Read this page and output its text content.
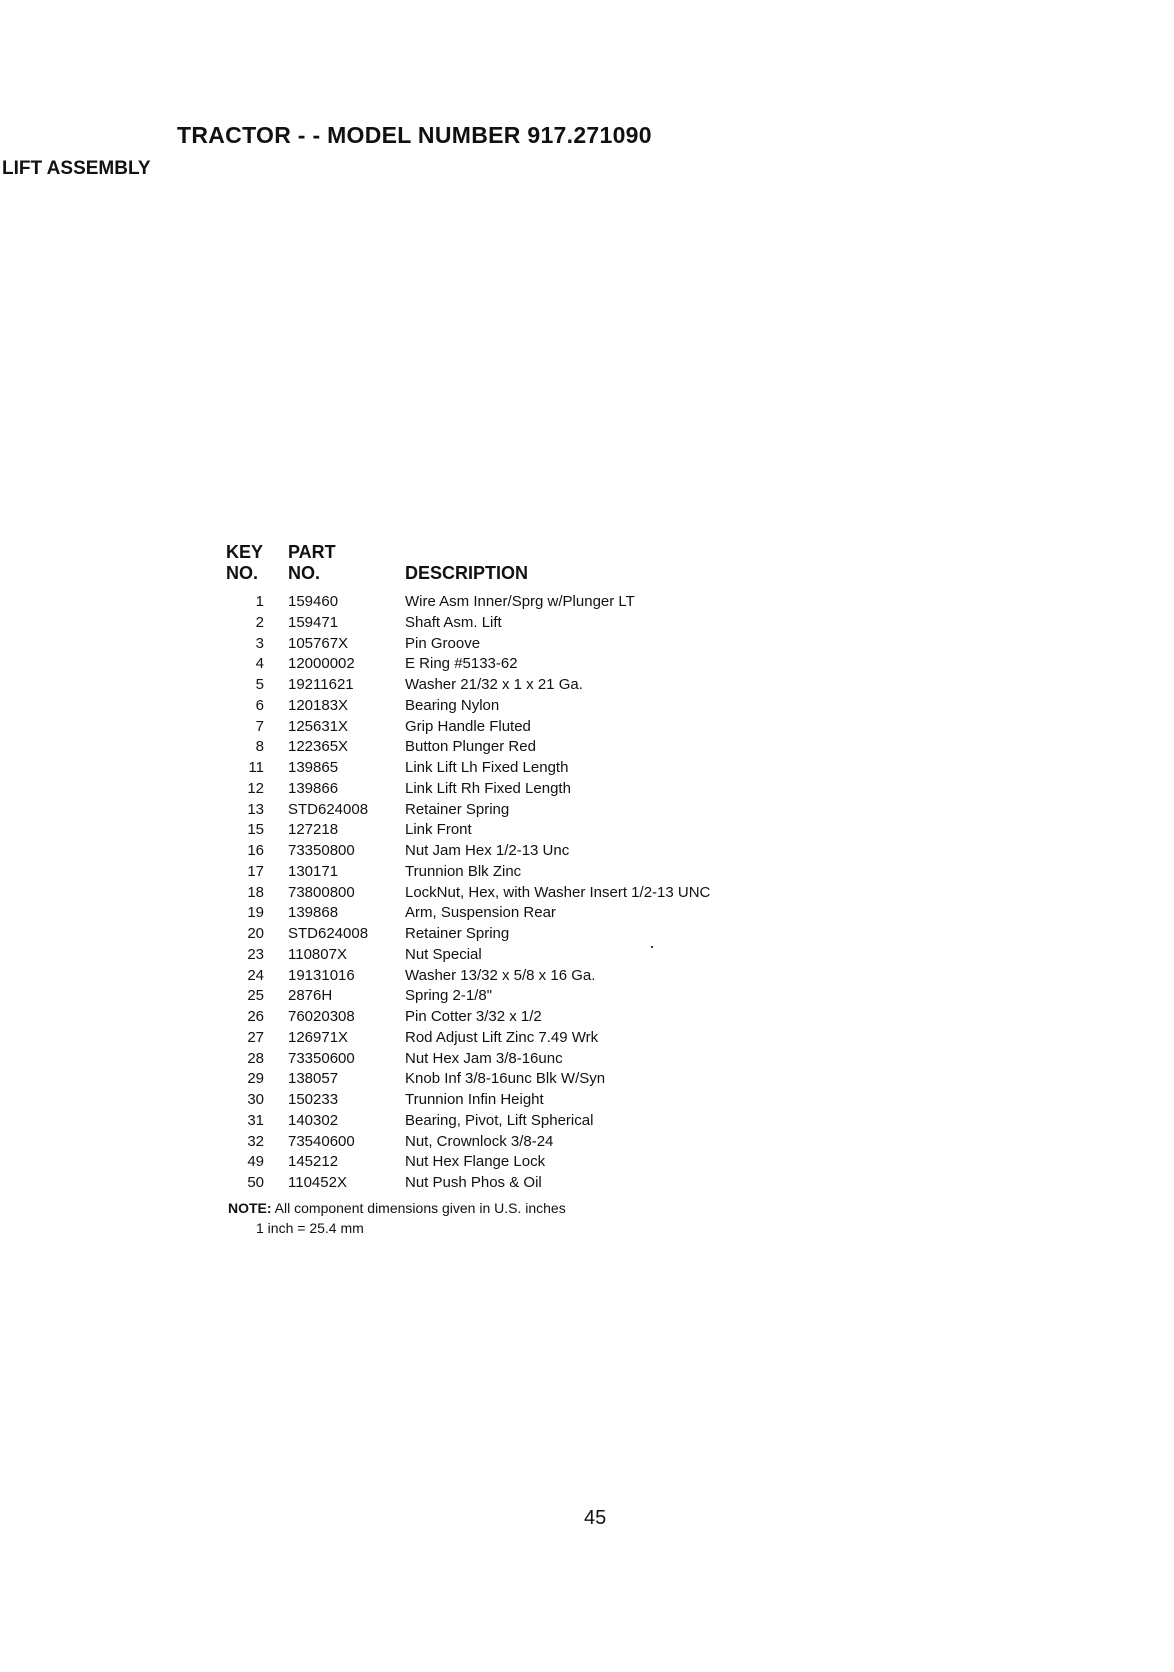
TRACTOR - - MODEL NUMBER 917.271090
LIFT ASSEMBLY
KEY	PART	
NO.	NO.	DESCRIPTION
1	159460	Wire Asm Inner/Sprg w/Plunger LT
2	159471	Shaft Asm. Lift
3	105767X	Pin Groove
4	12000002	E Ring #5133-62
5	19211621	Washer 21/32 x 1 x 21 Ga.
6	120183X	Bearing Nylon
7	125631X	Grip Handle Fluted
8	122365X	Button Plunger Red
11	139865	Link Lift Lh Fixed Length
12	139866	Link Lift Rh Fixed Length
13	STD624008	Retainer Spring
15	127218	Link Front
16	73350800	Nut Jam Hex 1/2-13 Unc
17	130171	Trunnion Blk Zinc
18	73800800	LockNut, Hex, with Washer Insert 1/2-13 UNC
19	139868	Arm, Suspension Rear
20	STD624008	Retainer Spring
23	110807X	Nut Special
24	19131016	Washer 13/32 x 5/8 x 16 Ga.
25	2876H	Spring 2-1/8"
26	76020308	Pin Cotter 3/32 x 1/2
27	126971X	Rod Adjust Lift Zinc 7.49 Wrk
28	73350600	Nut Hex Jam 3/8-16unc
29	138057	Knob Inf 3/8-16unc Blk W/Syn
30	150233	Trunnion Infin Height
31	140302	Bearing, Pivot, Lift Spherical
32	73540600	Nut, Crownlock 3/8-24
49	145212	Nut Hex Flange Lock
50	110452X	Nut Push Phos & Oil
NOTE: All component dimensions given in U.S. inches
1 inch = 25.4 mm
45
